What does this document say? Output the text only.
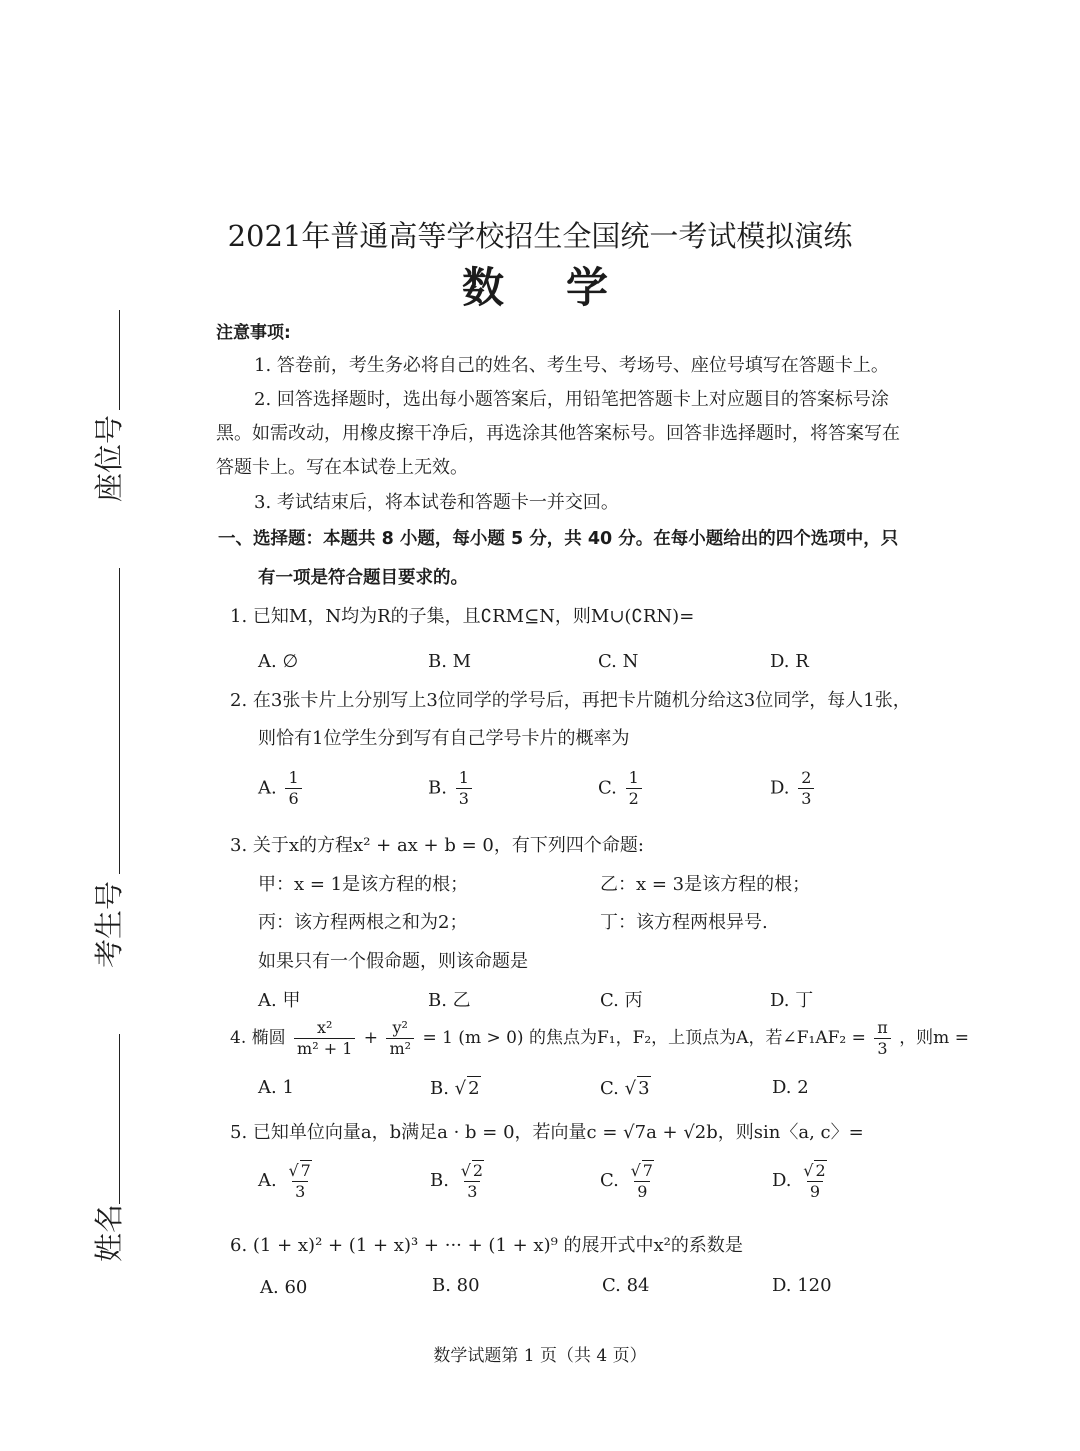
座位号
考生号
姓名
2021年普通高等学校招生全国统一考试模拟演练
数学
注意事项:
1. 答卷前，考生务必将自己的姓名、考生号、考场号、座位号填写在答题卡上。
2. 回答选择题时，选出每小题答案后，用铅笔把答题卡上对应题目的答案标号涂
黑。如需改动，用橡皮擦干净后，再选涂其他答案标号。回答非选择题时，将答案写在
答题卡上。写在本试卷上无效。
3. 考试结束后，将本试卷和答题卡一并交回。
一、选择题：本题共 8 小题，每小题 5 分，共 40 分。在每小题给出的四个选项中，只
有一项是符合题目要求的。
1. 已知M，N均为R的子集，且∁RM⊆N，则M∪(∁RN)=
A. ∅	B. M	C. N	D. R
2. 在3张卡片上分别写上3位同学的学号后，再把卡片随机分给这3位同学，每人1张，
则恰有1位学生分到写有自己学号卡片的概率为
A. $\frac{1}{6}$	B. $\frac{1}{3}$	C. $\frac{1}{2}$	D. $\frac{2}{3}$
3. 关于x的方程x² + ax + b = 0，有下列四个命题:
甲：x = 1是该方程的根；	乙：x = 3是该方程的根；
丙：该方程两根之和为2；	丁：该方程两根异号.
如果只有一个假命题，则该命题是
A. 甲	B. 乙	C. 丙	D. 丁
4. 椭圆 $\frac{\text{x²}}{\text{m² + 1}} + \frac{\text{y²}}{\text{m²}} = 1$ (m > 0) 的焦点为F₁，F₂，上顶点为A，若∠F₁AF₂ = $\frac{\pi}{3}$ ，则m =
A. 1	B. √ 2	C. √ 3	D. 2
5. 已知单位向量a，b满足a · b = 0，若向量c = √7a + √2b，则sin〈a, c〉=
A. $\frac{√ 7}{3}$	B. $\frac{√ 2}{3}$	C. $\frac{√ 7}{9}$	D. $\frac{√ 2}{9}$
6. (1 + x)² + (1 + x)³ + ··· + (1 + x)⁹ 的展开式中x²的系数是
A. 60	B. 80	C. 84	D. 120
数学试题第 1 页（共 4 页）
